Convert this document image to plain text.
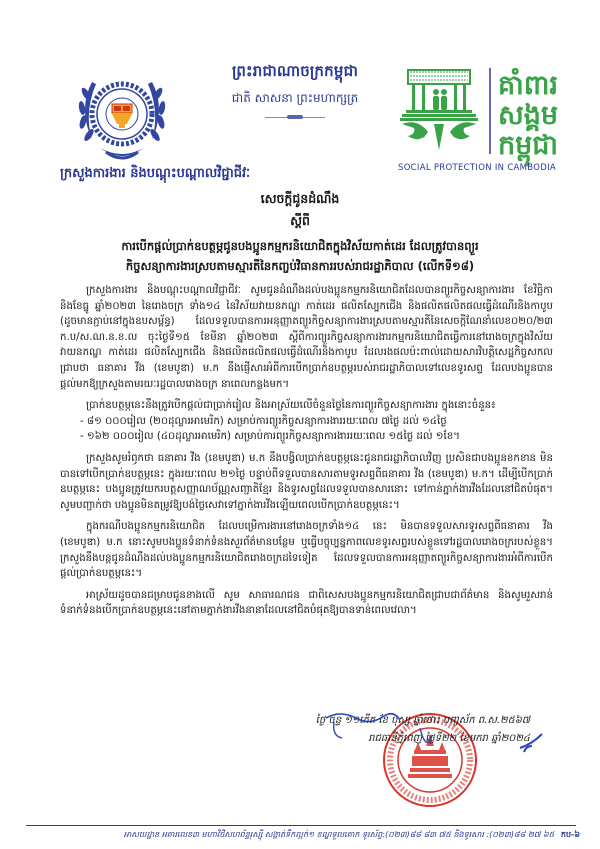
ក្រសួងការងារ និងបណ្តុះបណ្តាលវិជ្ជាជីវៈ
ព្រះរាជាណាចក្រកម្ពុជា
ជាតិ សាសនា ព្រះមហាក្សត្រ	គាំពារ
សង្គម
កម្ពុជា
SOCIAL PROTECTION IN CAMBODIA
សេចក្តីជូនដំណឹង
ស្តីពី
ការបើកផ្តល់ប្រាក់ឧបត្ថម្ភជូនបងប្អូនកម្មករនិយោជិតក្នុងវិស័យកាត់ដេរ ដែលត្រូវបានព្យួរ
កិច្ចសន្យាការងារស្របតាមស្មារតីនៃកញ្ចប់វិធានការរបស់រាជរដ្ឋាភិបាល (លើកទី១៨)

ក្រសួងការងារ និងបណ្តុះបណ្តាលវិជ្ជាជីវៈ សូមជូនដំណឹងដល់បងប្អូនកម្មករនិយោជិតដែលបានព្យួរកិច្ចសន្យាការងារ ខែវិច្ឆិកា និងខែធ្នូ ឆ្នាំ២០២៣ នៃរោងចក្រ ទាំង១៤ នៃវិស័យវាយនភណ្ឌ កាត់ដេរ ផលិតស្បែកជើង និងផលិតផលិតផលធ្វើដំណើរនិងកាបូប (ដូចមានភ្ជាប់នៅក្នុងឧបសម្ព័ន្ធ) ដែលទទួលបានការអនុញ្ញាតព្យួរកិច្ចសន្យាការងារស្របតាមស្មារតីនៃសេចក្តីណែនាំលេខ០២០/២៣ ក.ប/ស.ណ.ន.ខ.ល ចុះថ្ងៃទី១៥ ខែមីនា ឆ្នាំ២០២៣ ស្តីពីការព្យួរកិច្ចសន្យាការងារកម្មករនិយោជិតធ្វើការនៅរោងចក្រក្នុងវិស័យវាយនភណ្ឌ កាត់ដេរ ផលិតស្បែកជើង និងផលិតផលិតផលធ្វើដំណើរនិងកាបូប ដែលរងផលប៉ះពាល់ដោយសារវិបត្តិសេដ្ឋកិច្ចសកល ជ្រាបថា ធនាគារ វីង (ខេមបូឌា) ម.ក នឹងផ្ញើសារអំពីការបើកប្រាក់ឧបត្ថម្ភរបស់រាជរដ្ឋាភិបាលទៅលេខទូរសព្ទ ដែលបងប្អូនបានផ្តល់មកឱ្យក្រសួងតាមរយៈរដ្ឋបាលរោងចក្រ នាពេលកន្លងមក។

ប្រាក់ឧបត្ថម្ភនេះនឹងត្រូវបើកផ្តល់ជាប្រាក់រៀល និងអាស្រ័យលើចំនួនថ្ងៃនៃការព្យួរកិច្ចសន្យាការងារ ក្នុងនោះចំនួន៖

- ៨១ ០០០រៀល (២០ដុល្លារអាមេរិក) សម្រាប់ការព្យួរកិច្ចសន្យាការងាររយៈពេល ៧ថ្ងៃ ដល់ ១៤ថ្ងៃ

- ១៦២ ០០០រៀល (៤០ដុល្លារអាមេរិក) សម្រាប់ការព្យួរកិច្ចសន្យាការងាររយៈពេល ១៥ថ្ងៃ ដល់ ១ខែ។

ក្រសួងសូមរំឭកថា ធនាគារ វីង (ខេមបូឌា) ម.ក នឹងបង្វិលប្រាក់ឧបត្ថម្ភនេះជូនរាជរដ្ឋាភិបាលវិញ ប្រសិនជាបងប្អូនខកខាន មិនបានទៅបើកប្រាក់ឧបត្ថម្ភនេះ ក្នុងរយៈពេល ២១ថ្ងៃ បន្ទាប់ពីទទួលបានសារតាមទូរសព្ទពីធនាគារ វីង (ខេមបូឌា) ម.ក។ ដើម្បីបើកប្រាក់ឧបត្ថម្ភនេះ បងប្អូនត្រូវយករបត្តសញ្ញាណប័ណ្ណសញ្ជាតិខ្មែរ និងទូរសព្ទដែលទទួលបានសារនោះ ទៅកាន់ភ្នាក់ងារវីងដែលនៅជិតបំផុត។ សូមបញ្ជាក់ថា បងប្អូនមិនតម្រូវឱ្យបង់ថ្លៃសេវាទៅភ្នាក់ងារវីងឡើយពេលបើកប្រាក់ឧបត្ថម្ភនេះ។

ក្នុងករណីបងប្អូនកម្មករនិយោជិត ដែលបម្រើការងារនៅរោងចក្រទាំង១៤ នេះ មិនបានទទួលសារទូរសព្ទពីធនាគារ វីង (ខេមបូឌា) ម.ក នោះសូមបងប្អូនទំនាក់ទំនងសួរព័ត៌មានបន្ថែម ឬធ្វើបច្ចុប្បន្នភាពលេខទូរសព្ទរបស់ខ្លួនទៅរដ្ឋបាលរោងចក្ររបស់ខ្លួន។ ក្រសួងនឹងបន្តជូនដំណឹងដល់បងប្អូនកម្មករនិយោជិតរោងចក្រដទៃទៀត ដែលទទួលបានការអនុញ្ញាតព្យួរកិច្ចសន្យាការងារអំពីការបើកផ្តល់ប្រាក់ឧបត្ថម្ភនេះ។

អាស្រ័យដូចបានជម្រាបជូនខាងលើ សូម សាធារណជន ជាពិសេសបងប្អូនកម្មករនិយោជិតជ្រាបជាព័ត៌មាន និងសូមរួសរាន់ទំនាក់ទំនងបើកប្រាក់ឧបត្ថម្ភនេះនៅតាមភ្នាក់ងារវីងនានាដែលនៅជិតបំផុតឱ្យបានទាន់ពេលវេលា។

ថ្ងៃ ច័ន្ទ ១១កើត ខែ បុស្ស ឆ្នាំថោះ បញ្ចស័ក ព.ស.២៥៦៧
រាជធានីភ្នំពេញ ថ្ងៃទី២២ ខែមករា ឆ្នាំ២០២៤
អាសយដ្ឋាន អគារលេខ៣ មហាវិថីសហព័ន្ធរុស្ស៊ី សង្កាត់ទឹកល្អក់១ ខណ្ឌទួលគោក ទូរស័ព្ទ:(០២៣)៨៨ ៨៣ ៧៥ និងទូរសារ :(០២៣)៨៨ ២៧ ៦៥ កប-៦
